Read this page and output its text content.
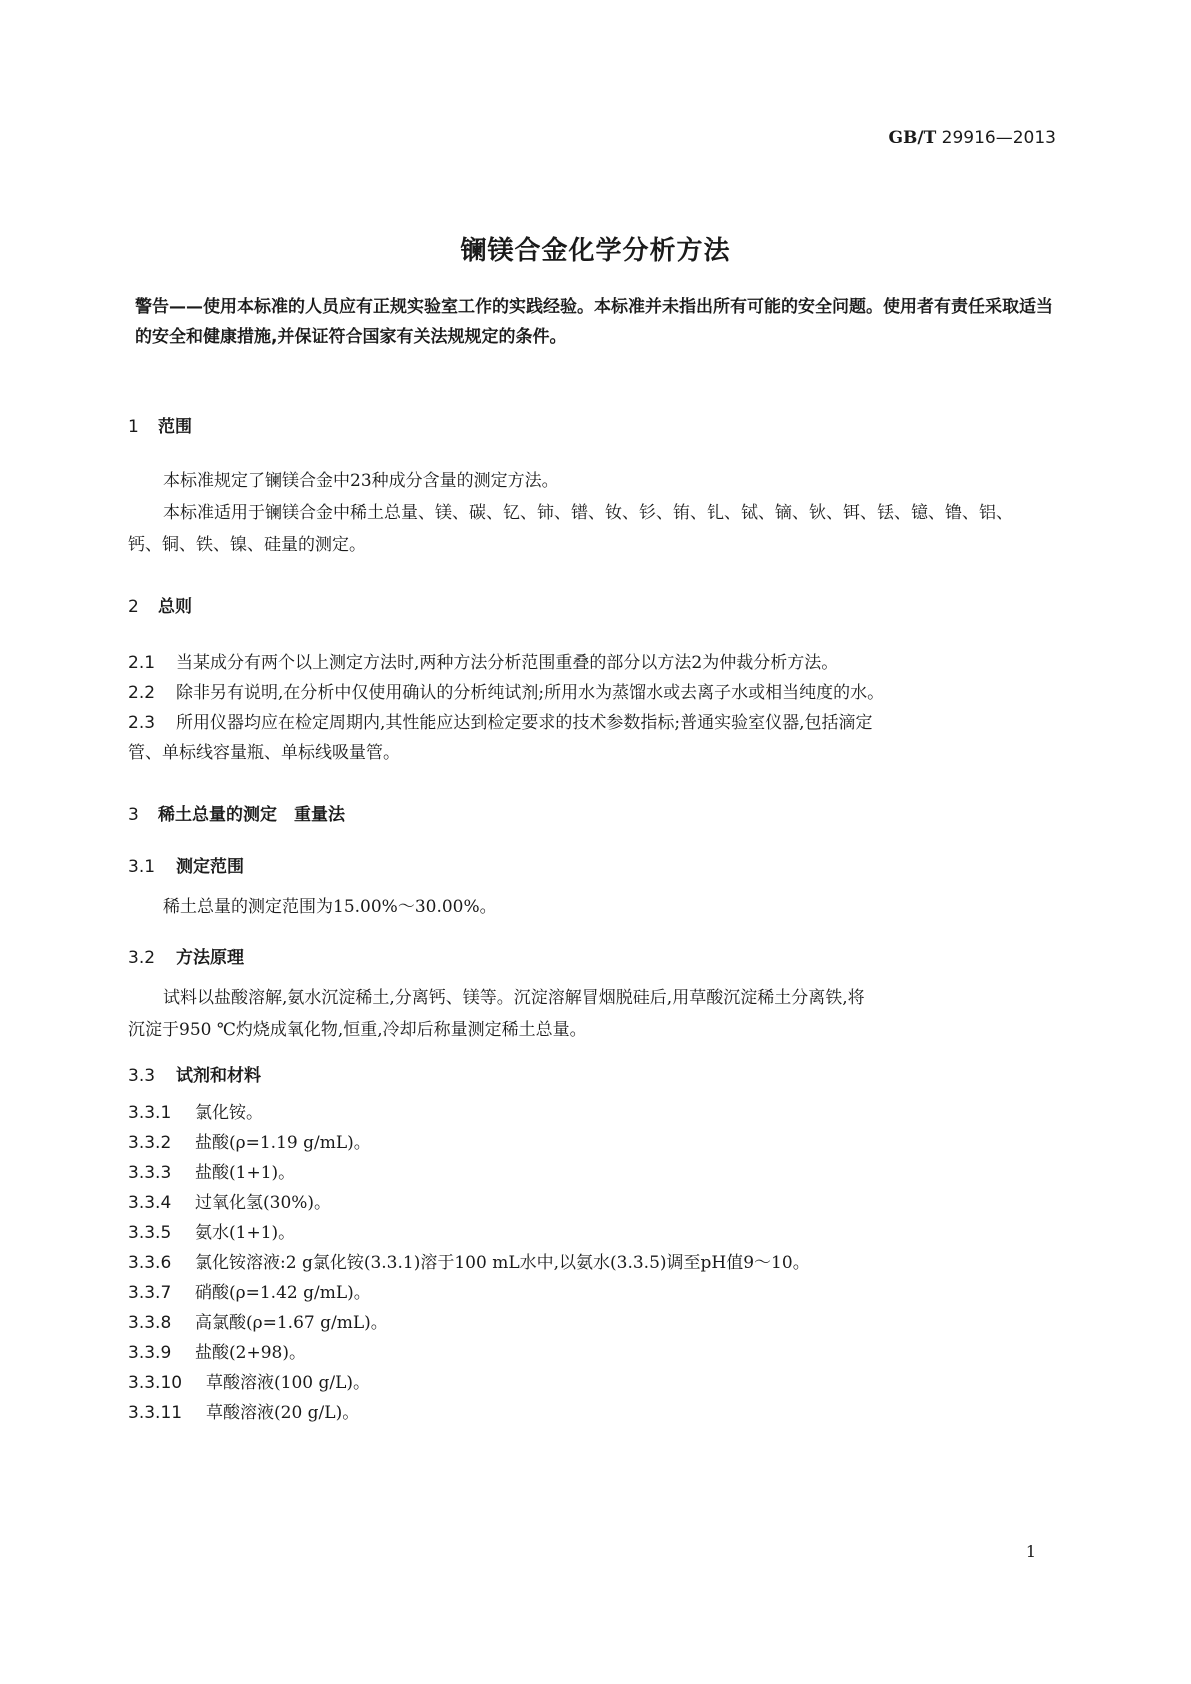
GB/T 29916—2013
镧镁合金化学分析方法
警告——使用本标准的人员应有正规实验室工作的实践经验。本标准并未指出所有可能的安全问题。使用者有责任采取适当的安全和健康措施,并保证符合国家有关法规规定的条件。
1 范围
本标准规定了镧镁合金中23种成分含量的测定方法。
本标准适用于镧镁合金中稀土总量、镁、碳、钇、铈、镨、钕、钐、铕、钆、铽、镝、钬、铒、铥、镱、镥、铝、
钙、铜、铁、镍、硅量的测定。
2 总则
2.1 当某成分有两个以上测定方法时,两种方法分析范围重叠的部分以方法2为仲裁分析方法。
2.2 除非另有说明,在分析中仅使用确认的分析纯试剂;所用水为蒸馏水或去离子水或相当纯度的水。
2.3 所用仪器均应在检定周期内,其性能应达到检定要求的技术参数指标;普通实验室仪器,包括滴定
管、单标线容量瓶、单标线吸量管。
3 稀土总量的测定　重量法
3.1 测定范围
稀土总量的测定范围为15.00%～30.00%。
3.2 方法原理
试料以盐酸溶解,氨水沉淀稀土,分离钙、镁等。沉淀溶解冒烟脱硅后,用草酸沉淀稀土分离铁,将
沉淀于950 ℃灼烧成氧化物,恒重,冷却后称量测定稀土总量。
3.3 试剂和材料
3.3.1 氯化铵。
3.3.2 盐酸(ρ=1.19 g/mL)。
3.3.3 盐酸(1+1)。
3.3.4 过氧化氢(30%)。
3.3.5 氨水(1+1)。
3.3.6 氯化铵溶液:2 g氯化铵(3.3.1)溶于100 mL水中,以氨水(3.3.5)调至pH值9～10。
3.3.7 硝酸(ρ=1.42 g/mL)。
3.3.8 高氯酸(ρ=1.67 g/mL)。
3.3.9 盐酸(2+98)。
3.3.10 草酸溶液(100 g/L)。
3.3.11 草酸溶液(20 g/L)。
1
